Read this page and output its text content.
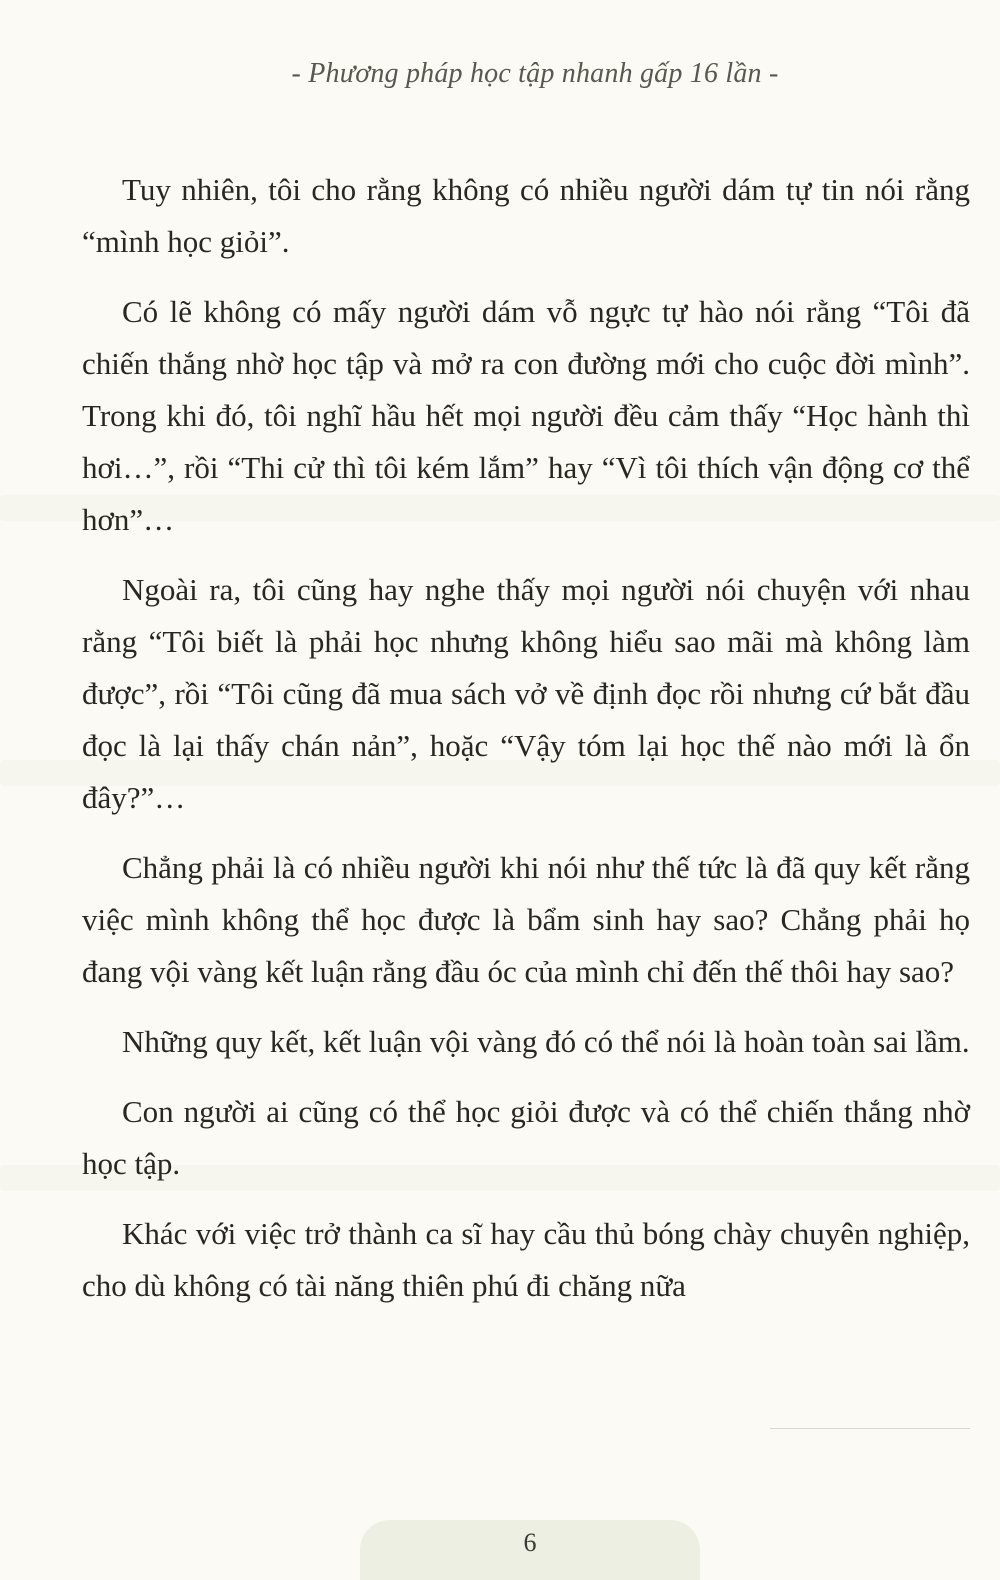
- Phương pháp học tập nhanh gấp 16 lần -

Tuy nhiên, tôi cho rằng không có nhiều người dám tự tin nói rằng “mình học giỏi”.

Có lẽ không có mấy người dám vỗ ngực tự hào nói rằng “Tôi đã chiến thắng nhờ học tập và mở ra con đường mới cho cuộc đời mình”. Trong khi đó, tôi nghĩ hầu hết mọi người đều cảm thấy “Học hành thì hơi…”, rồi “Thi cử thì tôi kém lắm” hay “Vì tôi thích vận động cơ thể hơn”…

Ngoài ra, tôi cũng hay nghe thấy mọi người nói chuyện với nhau rằng “Tôi biết là phải học nhưng không hiểu sao mãi mà không làm được”, rồi “Tôi cũng đã mua sách vở về định đọc rồi nhưng cứ bắt đầu đọc là lại thấy chán nản”, hoặc “Vậy tóm lại học thế nào mới là ổn đây?”…

Chẳng phải là có nhiều người khi nói như thế tức là đã quy kết rằng việc mình không thể học được là bẩm sinh hay sao? Chẳng phải họ đang vội vàng kết luận rằng đầu óc của mình chỉ đến thế thôi hay sao?

Những quy kết, kết luận vội vàng đó có thể nói là hoàn toàn sai lầm.

Con người ai cũng có thể học giỏi được và có thể chiến thắng nhờ học tập.

Khác với việc trở thành ca sĩ hay cầu thủ bóng chày chuyên nghiệp, cho dù không có tài năng thiên phú đi chăng nữa

6
